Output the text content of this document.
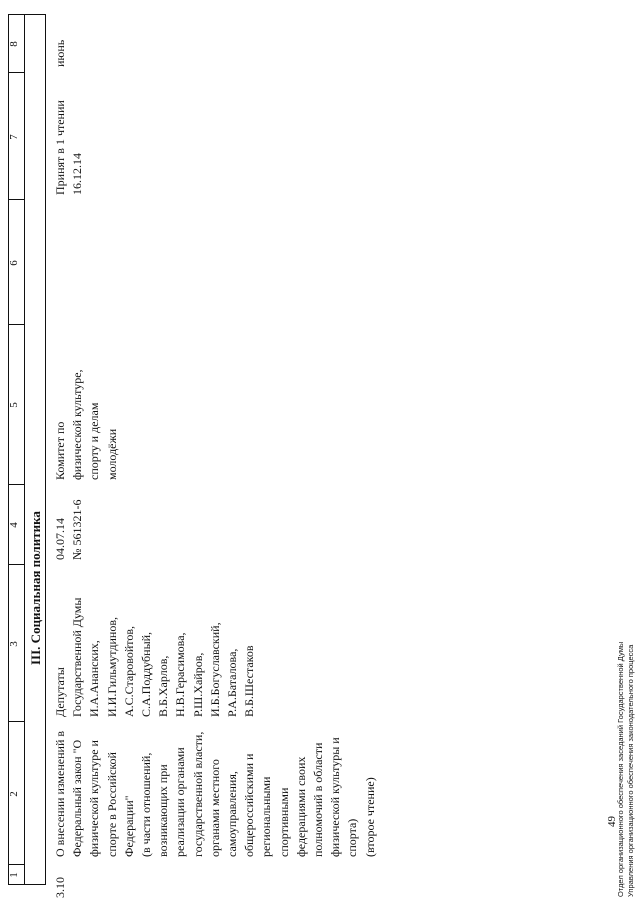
1
2
3
4
5
6
7
8
III. Социальная политика
3.10
О внесении изменений в Федеральный закон "О физической культуре и спорте в Российской Федерации" (в части отношений, возникающих при реализации органами государственной власти, органами местного самоуправления, общероссийскими и региональными спортивными федерациями своих полномочий в области физической культуры и спорта) (второе чтение)
Депутаты Государственной Думы И.А.Ананских, И.И.Гильмутдинов, А.С.Старовойтов, С.А.Поддубный, В.Б.Харлов, Н.В.Герасимова, Р.Ш.Хайров, И.Б.Богуславский, Р.А.Баталова, В.Б.Шестаков
04.07.14 № 561321-6
Комитет по физической культуре, спорту и делам молодёжи
Принят в 1 чтении 16.12.14
июнь
Отдел организационного обеспечения заседаний Государственной Думы Управления организационного обеспечения законодательного процесса
49
